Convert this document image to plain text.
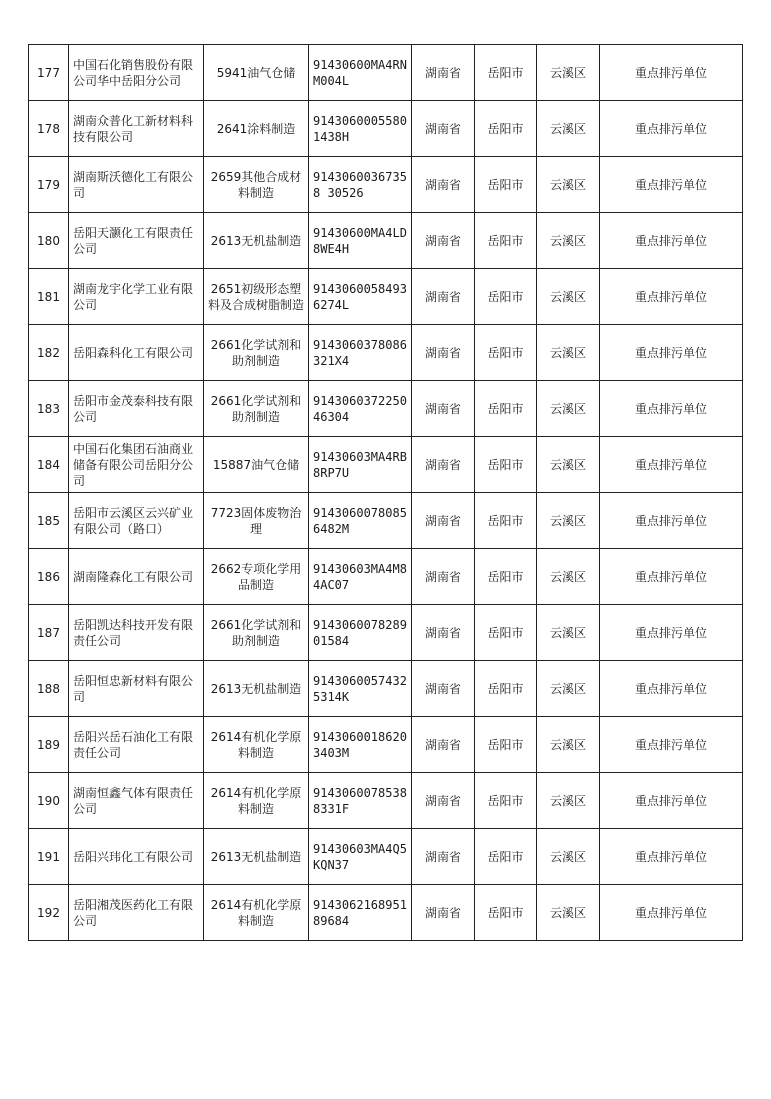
177	中国石化销售股份有限公司华中岳阳分公司	5941油气仓储	91430600MA4RNM004L	湖南省	岳阳市	云溪区	重点排污单位
178	湖南众普化工新材料科技有限公司	2641涂料制造	91430600055801438H	湖南省	岳阳市	云溪区	重点排污单位
179	湖南斯沃德化工有限公司	2659其他合成材料制造	91430600367358 30526	湖南省	岳阳市	云溪区	重点排污单位
180	岳阳天灏化工有限责任公司	2613无机盐制造	91430600MA4LD8WE4H	湖南省	岳阳市	云溪区	重点排污单位
181	湖南龙宇化学工业有限公司	2651初级形态塑料及合成树脂制造	9143060058493 6274L	湖南省	岳阳市	云溪区	重点排污单位
182	岳阳森科化工有限公司	2661化学试剂和助剂制造	9143060378086 321X4	湖南省	岳阳市	云溪区	重点排污单位
183	岳阳市金茂泰科技有限公司	2661化学试剂和助剂制造	9143060372250 46304	湖南省	岳阳市	云溪区	重点排污单位
184	中国石化集团石油商业储备有限公司岳阳分公司	15887油气仓储	91430603MA4RB 8RP7U	湖南省	岳阳市	云溪区	重点排污单位
185	岳阳市云溪区云兴矿业有限公司（路口）	7723固体废物治理	9143060078085 6482M	湖南省	岳阳市	云溪区	重点排污单位
186	湖南隆森化工有限公司	2662专项化学用品制造	91430603MA4M8 4AC07	湖南省	岳阳市	云溪区	重点排污单位
187	岳阳凯达科技开发有限责任公司	2661化学试剂和助剂制造	9143060078289 01584	湖南省	岳阳市	云溪区	重点排污单位
188	岳阳恒忠新材料有限公司	2613无机盐制造	9143060057432 5314K	湖南省	岳阳市	云溪区	重点排污单位
189	岳阳兴岳石油化工有限责任公司	2614有机化学原料制造	9143060018620 3403M	湖南省	岳阳市	云溪区	重点排污单位
190	湖南恒鑫气体有限责任公司	2614有机化学原料制造	9143060078538 8331F	湖南省	岳阳市	云溪区	重点排污单位
191	岳阳兴玮化工有限公司	2613无机盐制造	91430603MA4Q5 KQN37	湖南省	岳阳市	云溪区	重点排污单位
192	岳阳湘茂医药化工有限公司	2614有机化学原料制造	9143062168951 89684	湖南省	岳阳市	云溪区	重点排污单位
